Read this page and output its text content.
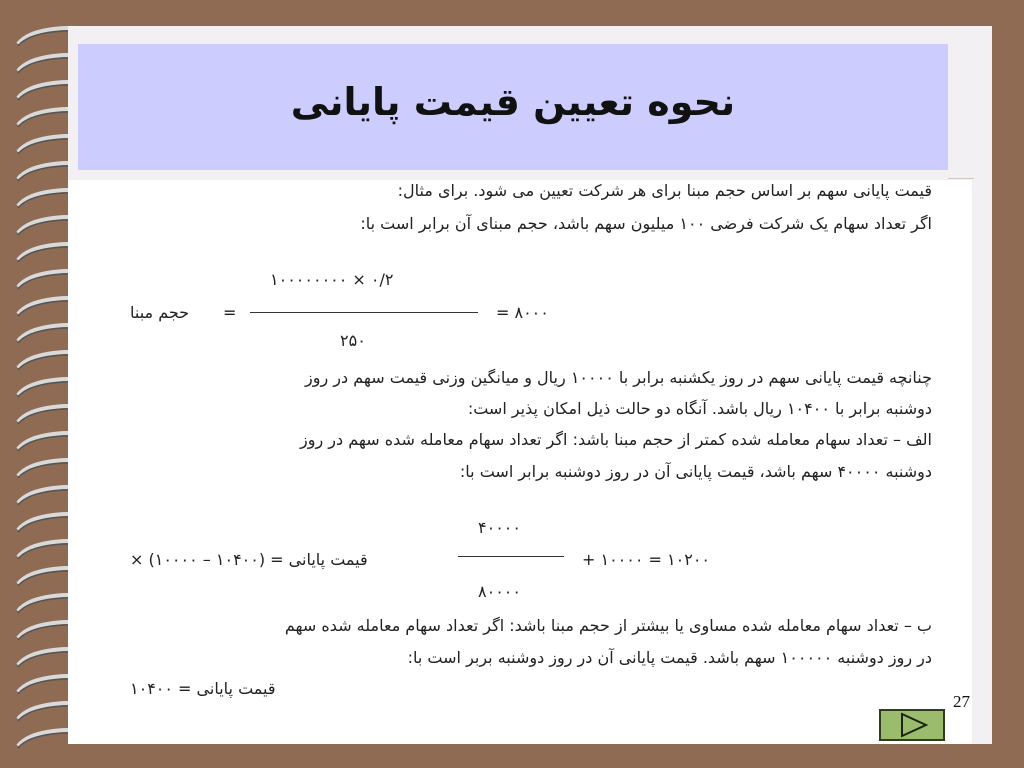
نحوه تعیین قیمت پایانی
قیمت پایانی سهم بر اساس حجم مبنا برای هر شرکت تعیین می شود. برای مثال:
اگر تعداد سهام یک شرکت فرضی ۱۰۰ میلیون سهم باشد، حجم مبنای آن برابر است با:
۱۰۰۰۰۰۰۰۰ × ۰/۲
۲۵۰
حجم مبنا =	= ۸۰۰۰
چنانچه قیمت پایانی سهم در روز یکشنبه برابر با ۱۰۰۰۰ ریال و میانگین وزنی قیمت سهم در روز
دوشنبه برابر با ۱۰۴۰۰ ریال باشد. آنگاه دو حالت ذیل امکان پذیر است:
الف – تعداد سهام معامله شده کمتر از حجم مبنا باشد: اگر تعداد سهام معامله شده سهم در روز
دوشنبه ۴۰۰۰۰ سهم باشد، قیمت پایانی آن در روز دوشنبه برابر است با:
۴۰۰۰۰
۸۰۰۰۰
قیمت پایانی = (۱۰۴۰۰ – ۱۰۰۰۰) ×	+ ۱۰۰۰۰ = ۱۰۲۰۰
ب – تعداد سهام معامله شده مساوی یا بیشتر از حجم مبنا باشد: اگر تعداد سهام معامله شده سهم
در روز دوشنبه ۱۰۰۰۰۰ سهم باشد. قیمت پایانی آن در روز دوشنبه بربر است با:
قیمت پایانی = ۱۰۴۰۰
27
